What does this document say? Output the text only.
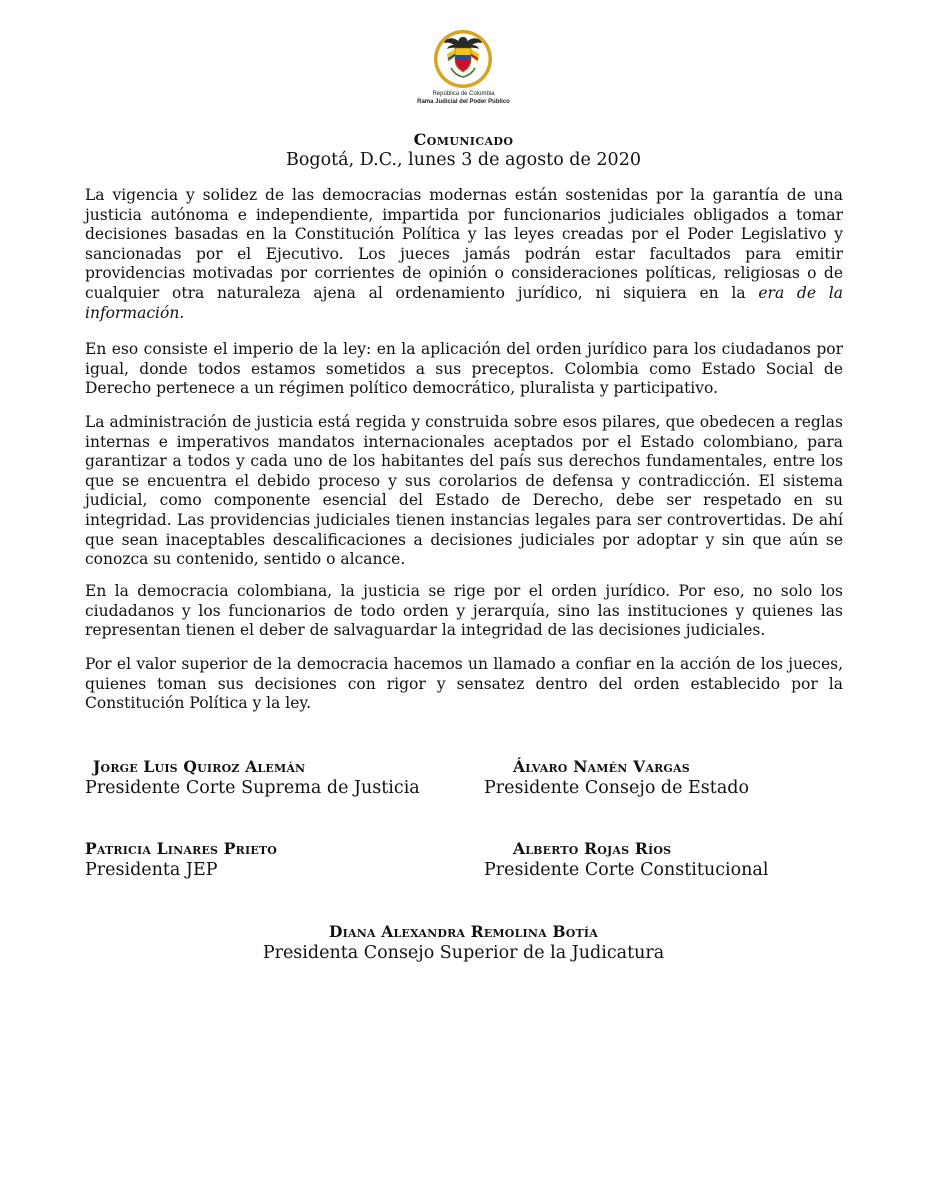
República de Colombia
Rama Judicial del Poder Público
Comunicado
Bogotá, D.C., lunes 3 de agosto de 2020

La vigencia y solidez de las democracias modernas están sostenidas por la garantía de una justicia autónoma e independiente, impartida por funcionarios judiciales obligados a tomar decisiones basadas en la Constitución Política y las leyes creadas por el Poder Legislativo y sancionadas por el Ejecutivo. Los jueces jamás podrán estar facultados para emitir providencias motivadas por corrientes de opinión o consideraciones políticas, religiosas o de cualquier otra naturaleza ajena al ordenamiento jurídico, ni siquiera en la era de la información.

En eso consiste el imperio de la ley: en la aplicación del orden jurídico para los ciudadanos por igual, donde todos estamos sometidos a sus preceptos. Colombia como Estado Social de Derecho pertenece a un régimen político democrático, pluralista y participativo.

La administración de justicia está regida y construida sobre esos pilares, que obedecen a reglas internas e imperativos mandatos internacionales aceptados por el Estado colombiano, para garantizar a todos y cada uno de los habitantes del país sus derechos fundamentales, entre los que se encuentra el debido proceso y sus corolarios de defensa y contradicción. El sistema judicial, como componente esencial del Estado de Derecho, debe ser respetado en su integridad. Las providencias judiciales tienen instancias legales para ser controvertidas. De ahí que sean inaceptables descalificaciones a decisiones judiciales por adoptar y sin que aún se conozca su contenido, sentido o alcance.

En la democracia colombiana, la justicia se rige por el orden jurídico. Por eso, no solo los ciudadanos y los funcionarios de todo orden y jerarquía, sino las instituciones y quienes las representan tienen el deber de salvaguardar la integridad de las decisiones judiciales.

Por el valor superior de la democracia hacemos un llamado a confiar en la acción de los jueces, quienes toman sus decisiones con rigor y sensatez dentro del orden establecido por la Constitución Política y la ley.

Jorge Luis Quiroz Alemán
Presidente Corte Suprema de Justicia
Álvaro Namén Vargas
Presidente Consejo de Estado
Patricia Linares Prieto
Presidenta JEP
Alberto Rojas Ríos
Presidente Corte Constitucional
Diana Alexandra Remolina Botía
Presidenta Consejo Superior de la Judicatura
